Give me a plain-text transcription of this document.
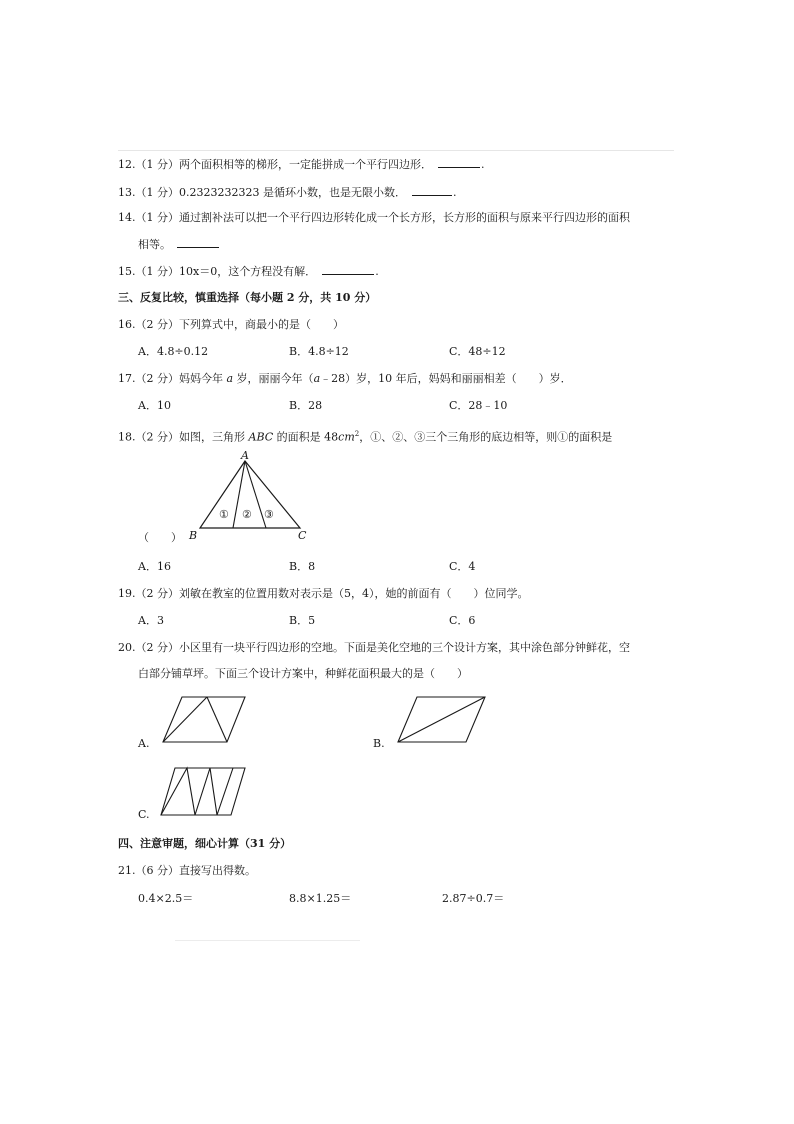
12.（1 分）两个面积相等的梯形，一定能拼成一个平行四边形．	.
13.（1 分）0.2323232323 是循环小数，也是无限小数．	.
14.（1 分）通过割补法可以把一个平行四边形转化成一个长方形，长方形的面积与原来平行四边形的面积
相等。
15.（1 分）10x＝0，这个方程没有解．	.
三、反复比较，慎重选择（每小题 2 分，共 10 分）
16.（2 分）下列算式中，商最小的是（　　）
A．4.8÷0.12	B．4.8÷12	C．48÷12
17.（2 分）妈妈今年 a 岁，丽丽今年（a﹣28）岁，10 年后，妈妈和丽丽相差（　　）岁．
A．10	B．28	C．28﹣10
18.（2 分）如图，三角形 ABC 的面积是 $48cm^2$，①、②、③三个三角形的底边相等，则①的面积是
A
B	C
① ② ③
（　　）
A．16	B．8	C．4
19.（2 分）刘敏在教室的位置用数对表示是（5，4），她的前面有（　　）位同学。
A．3	B．5	C．6
20.（2 分）小区里有一块平行四边形的空地。下面是美化空地的三个设计方案，其中涂色部分钟鲜花，空
白部分铺草坪。下面三个设计方案中，种鲜花面积最大的是（　　）
A.	B.
C.
四、注意审题，细心计算（31 分）
21.（6 分）直接写出得数。
0.4×2.5＝	8.8×1.25＝	2.87÷0.7＝
